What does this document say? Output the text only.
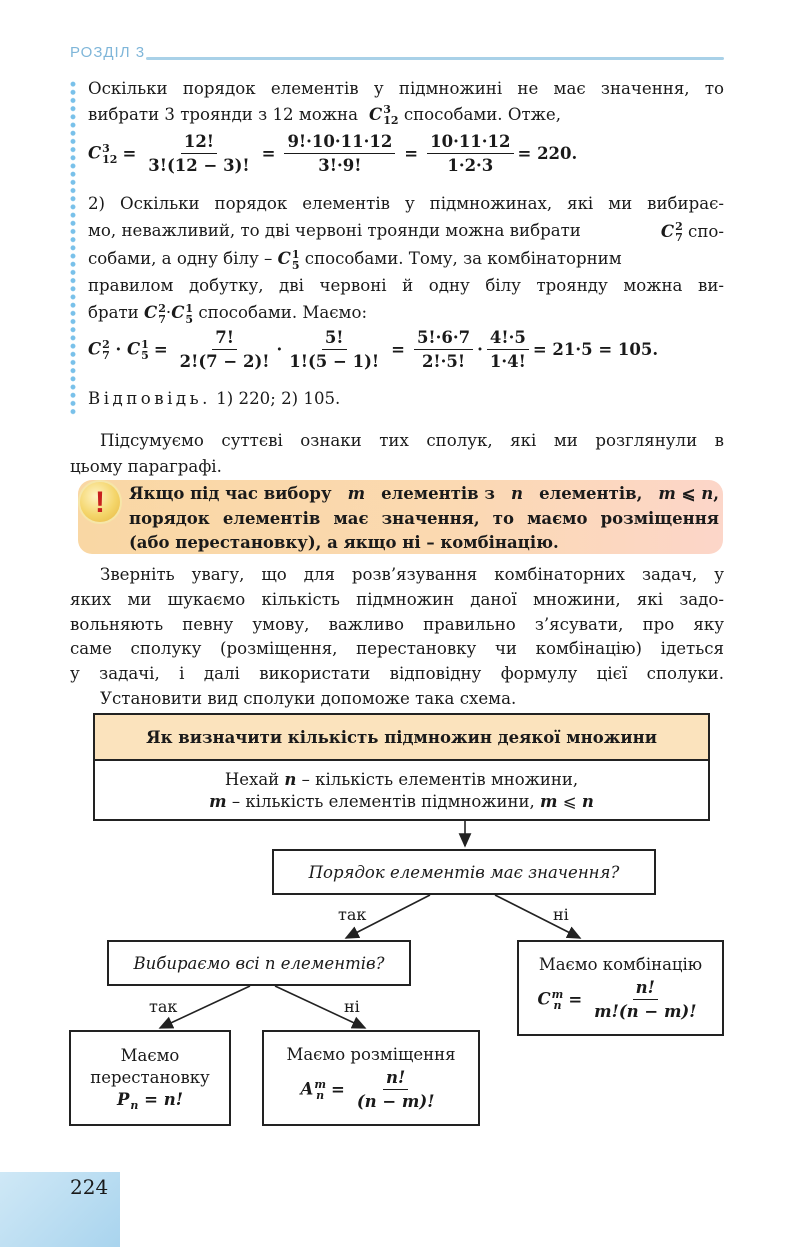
РОЗДІЛ 3
Оскільки порядок елементів у підмножині не має значення, то
вибрати 3 троянди з 12 можна  C 3
12 способами. Отже,
C 3
$12 = \frac{12!}{3!(12 - 3)!} = \frac{9!\cdot 10\cdot 11\cdot 12}{3!\cdot 9!} = \frac{10\cdot 11\cdot 12}{1\cdot 2\cdot 3} = 220$.
2) Оскільки порядок елементів у підмножинах, які ми вибирає-
мо, неважливий, то дві червоні троянди можна вибрати	C 2
7 спо-
собами, а одну білу – C 1
5 способами. Тому, за комбінаторним
правилом добутку, дві червоні й одну білу троянду можна ви-
брати C 2
7 ·C 1
5 способами. Маємо:
C 2
7 · C 1
$5 = \frac{7!}{2!(7 - 2)!} \cdot \frac{5!}{1!(5 - 1)!} = \frac{5!\cdot 6\cdot 7}{2!\cdot 5!} \cdot \frac{4!\cdot 5}{1\cdot 4!} = 21\cdot 5 = 105$.
Відповідь. 1) 220; 2) 105.
Підсумуємо суттєві ознаки тих сполук, які ми розглянули в
цьому параграфі.
! Якщо під час вибору m елементів з n елементів, m ⩽ n,
порядок елементів має значення, то маємо розміщення
(або перестановку), а якщо ні – комбінацію.
Зверніть увагу, що для розв’язування комбінаторних задач, у
яких ми шукаємо кількість підмножин даної множини, які задо-
вольняють певну умову, важливо правильно з’ясувати, про яку
саме сполуку (розміщення, перестановку чи комбінацію) ідеться
у задачі, і далі використати відповідну формулу цієї сполуки.
Установити вид сполуки допоможе така схема.
Як визначити кількість підмножин деякої множини
Нехай n – кількість елементів множини,
m – кількість елементів підмножини, m ⩽ n
Порядок елементів має значення?
так	ні
Вибираємо всі n елементів?	Маємо комбінацію
C m
$n = \frac{n!}{m!(n - m)!}$
так	ні
Маємо
перестановку
P
n = n!
Маємо розміщення
A m
$n = \frac{n!}{(n - m)!}$
224
